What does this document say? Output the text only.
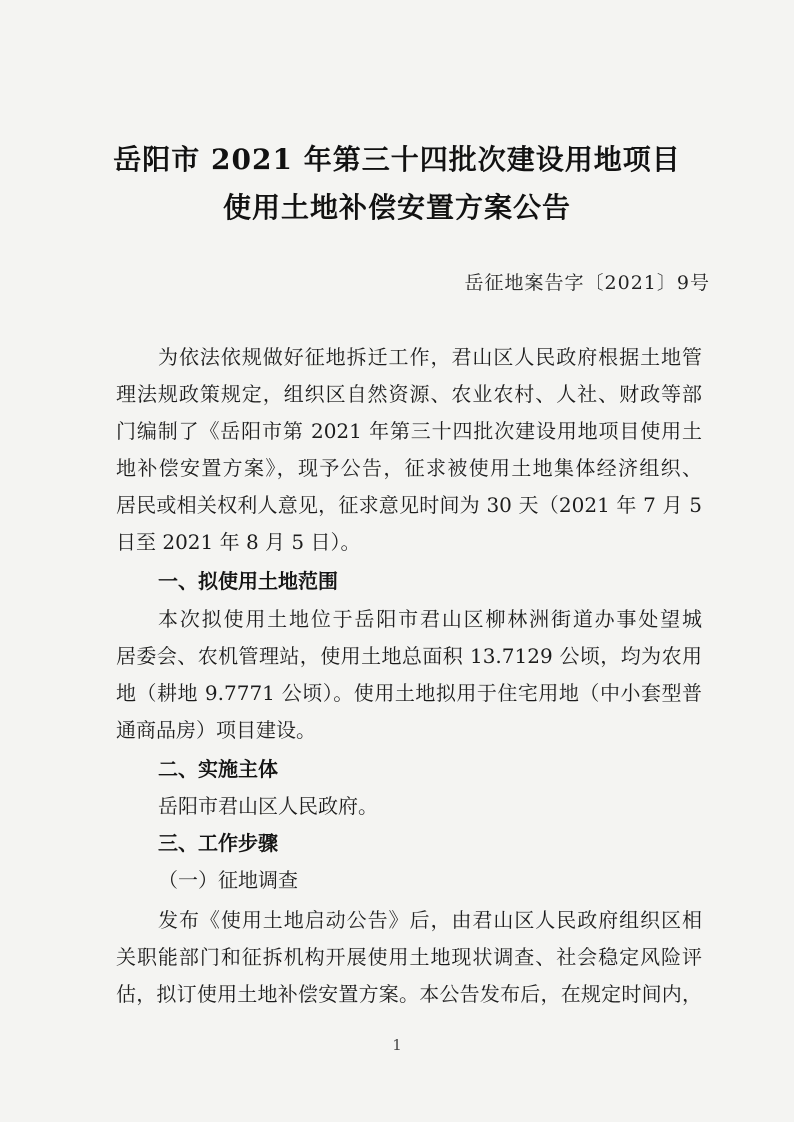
岳阳市 2021 年第三十四批次建设用地项目
使用土地补偿安置方案公告
岳征地案告字〔2021〕9号
为依法依规做好征地拆迁工作，君山区人民政府根据土地管
理法规政策规定，组织区自然资源、农业农村、人社、财政等部
门编制了《岳阳市第 2021 年第三十四批次建设用地项目使用土
地补偿安置方案》，现予公告，征求被使用土地集体经济组织、
居民或相关权利人意见，征求意见时间为 30 天（2021 年 7 月 5
日至 2021 年 8 月 5 日）。
一、拟使用土地范围
本次拟使用土地位于岳阳市君山区柳林洲街道办事处望城
居委会、农机管理站，使用土地总面积 13.7129 公顷，均为农用
地（耕地 9.7771 公顷）。使用土地拟用于住宅用地（中小套型普
通商品房）项目建设。
二、实施主体
岳阳市君山区人民政府。
三、工作步骤
（一）征地调查
发布《使用土地启动公告》后，由君山区人民政府组织区相
关职能部门和征拆机构开展使用土地现状调查、社会稳定风险评
估，拟订使用土地补偿安置方案。本公告发布后，在规定时间内，
1
